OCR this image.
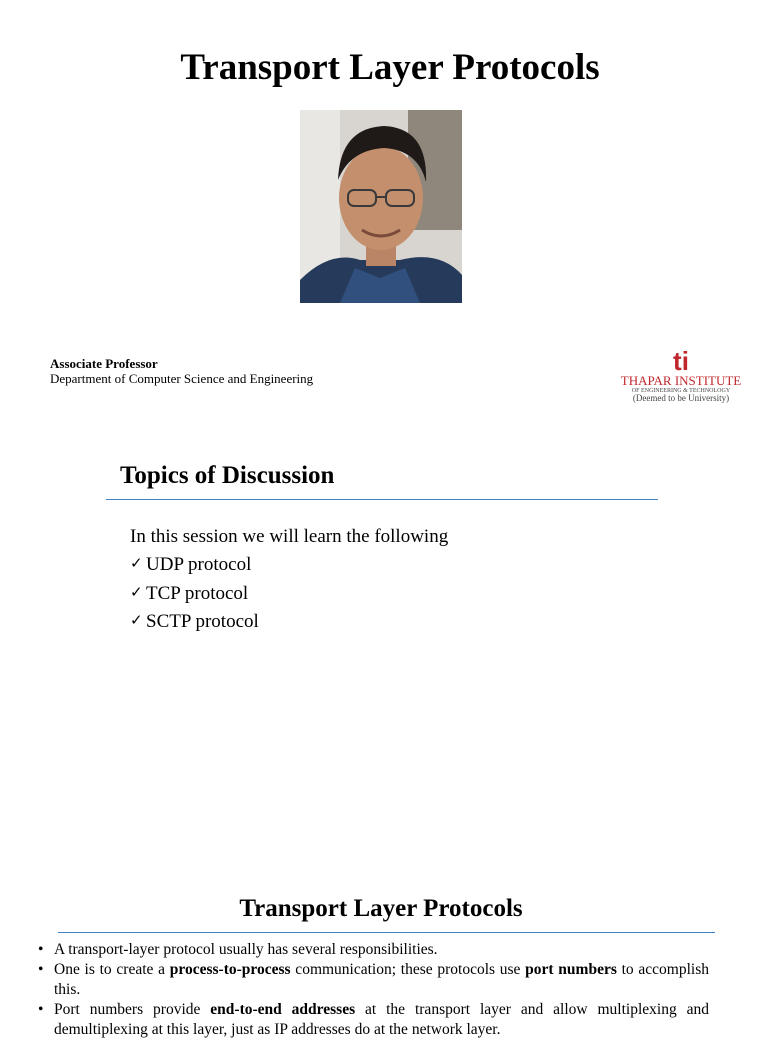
Transport Layer Protocols
Associate Professor
Department of Computer Science and Engineering
ti
THAPAR INSTITUTE
OF ENGINEERING & TECHNOLOGY
(Deemed to be University)
Topics of Discussion
In this session we will learn the following
✓ UDP protocol
✓ TCP protocol
✓ SCTP protocol
Transport Layer Protocols
• A transport-layer protocol usually has several responsibilities.
• One is to create a process-to-process communication; these protocols use port numbers to accomplish this.
• Port numbers provide end-to-end addresses at the transport layer and allow multiplexing and demultiplexing at this layer, just as IP addresses do at the network layer.
